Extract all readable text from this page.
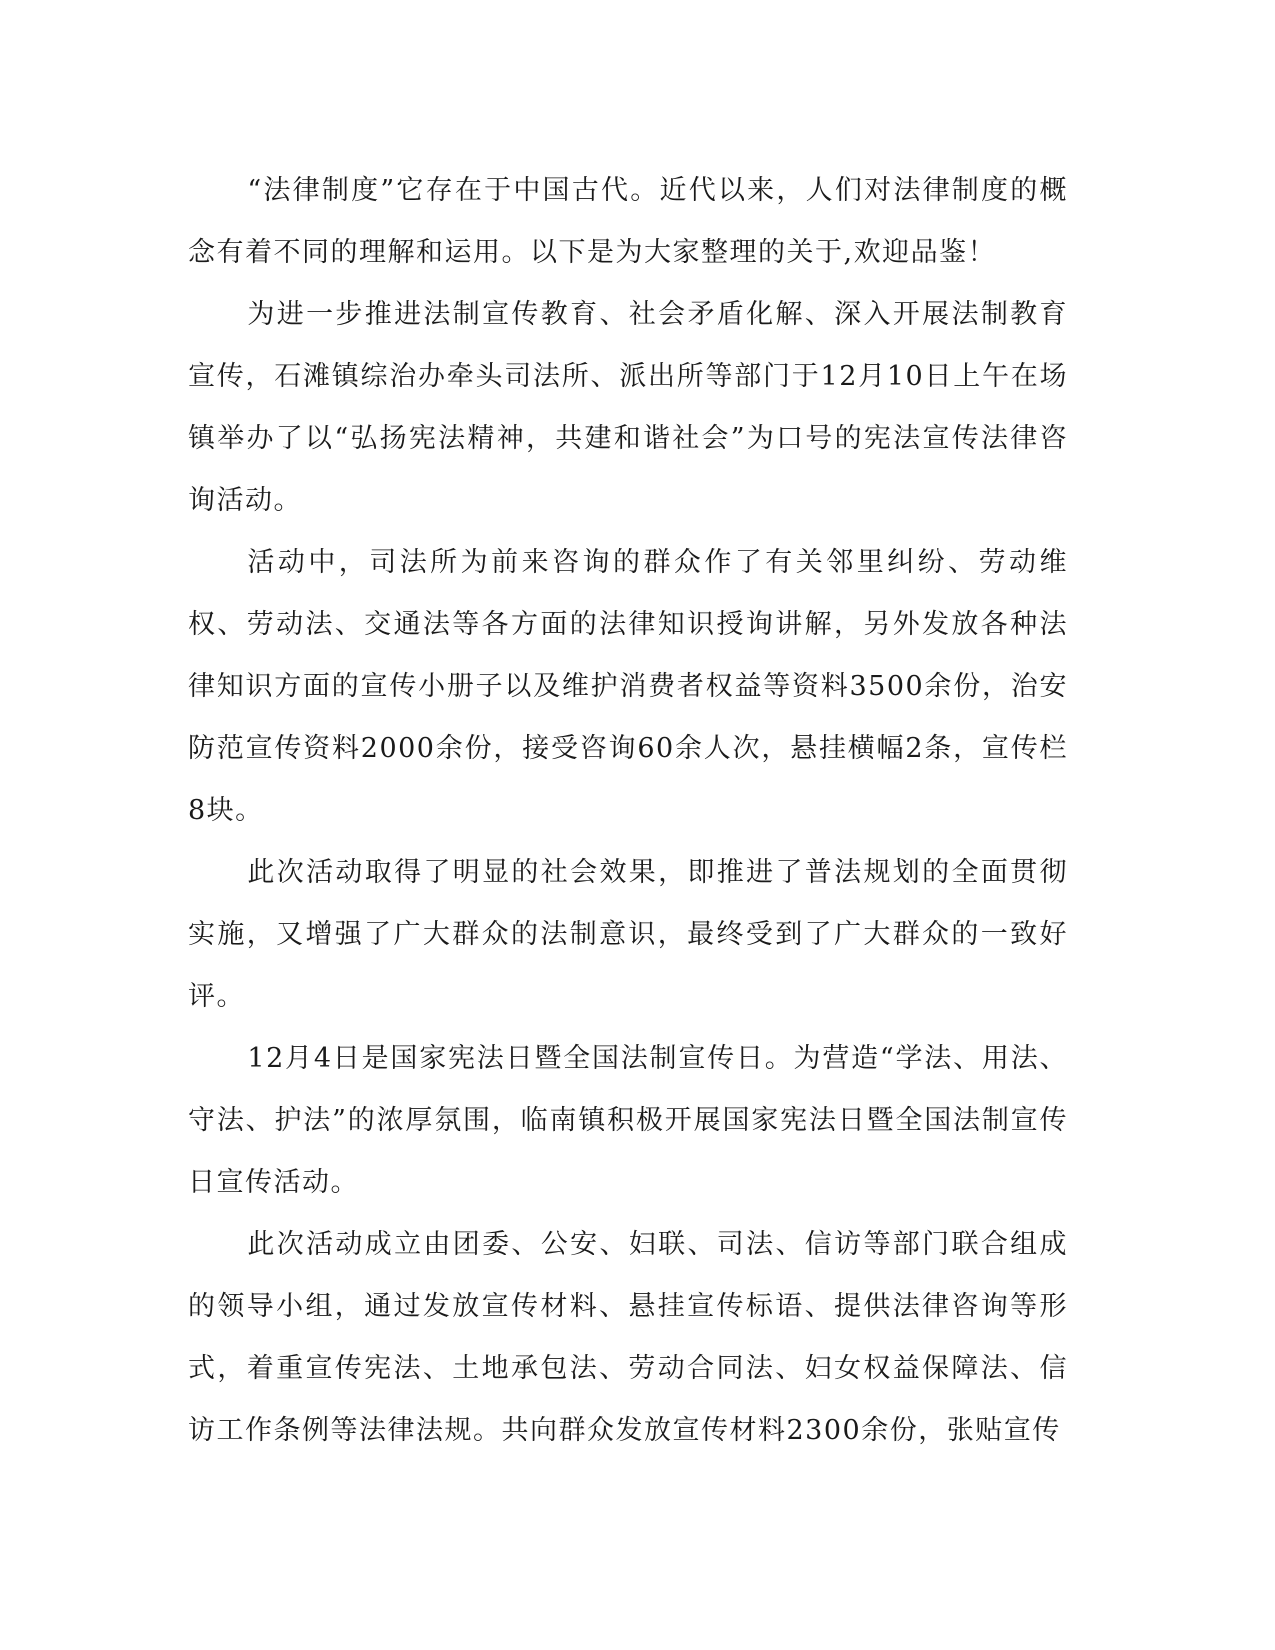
“法律制度”它存在于中国古代。近代以来，人们对法律制度的概念有着不同的理解和运用。以下是为大家整理的关于,欢迎品鉴！

为进一步推进法制宣传教育、社会矛盾化解、深入开展法制教育宣传，石滩镇综治办牵头司法所、派出所等部门于12月10日上午在场镇举办了以“弘扬宪法精神，共建和谐社会”为口号的宪法宣传法律咨询活动。

活动中，司法所为前来咨询的群众作了有关邻里纠纷、劳动维权、劳动法、交通法等各方面的法律知识授询讲解，另外发放各种法律知识方面的宣传小册子以及维护消费者权益等资料3500余份，治安防范宣传资料2000余份，接受咨询60余人次，悬挂横幅2条，宣传栏8块。

此次活动取得了明显的社会效果，即推进了普法规划的全面贯彻实施，又增强了广大群众的法制意识，最终受到了广大群众的一致好评。

12月4日是国家宪法日暨全国法制宣传日。为营造“学法、用法、守法、护法”的浓厚氛围，临南镇积极开展国家宪法日暨全国法制宣传日宣传活动。

此次活动成立由团委、公安、妇联、司法、信访等部门联合组成的领导小组，通过发放宣传材料、悬挂宣传标语、提供法律咨询等形式，着重宣传宪法、土地承包法、劳动合同法、妇女权益保障法、信访工作条例等法律法规。共向群众发放宣传材料2300余份，张贴宣传
